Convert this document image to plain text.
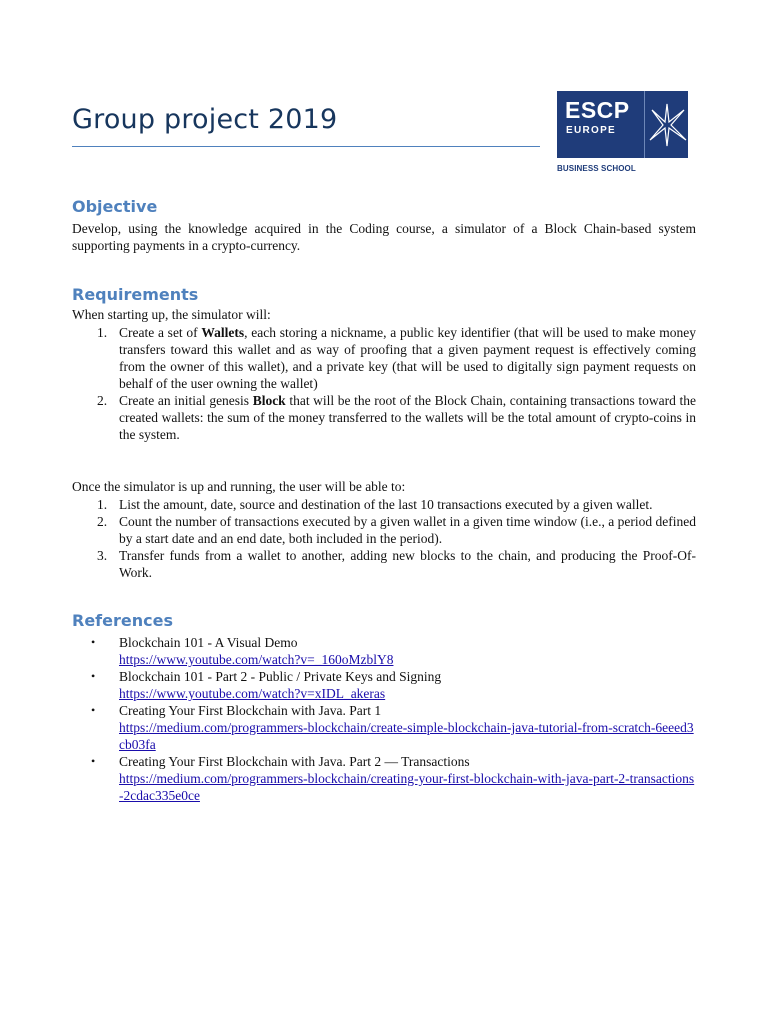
Group project 2019	ESCP
EUROPE
BUSINESS SCHOOL
Objective

Develop, using the knowledge acquired in the Coding course, a simulator of a Block Chain-based system supporting payments in a crypto-currency.

Requirements

When starting up, the simulator will:

1. Create a set of Wallets, each storing a nickname, a public key identifier (that will be used to make money transfers toward this wallet and as way of proofing that a given payment request is effectively coming from the owner of this wallet), and a private key (that will be used to digitally sign payment requests on behalf of the user owning the wallet)
2. Create an initial genesis Block that will be the root of the Block Chain, containing transactions toward the created wallets: the sum of the money transferred to the wallets will be the total amount of crypto-coins in the system.

Once the simulator is up and running, the user will be able to:

1. List the amount, date, source and destination of the last 10 transactions executed by a given wallet.
2. Count the number of transactions executed by a given wallet in a given time window (i.e., a period defined by a start date and an end date, both included in the period).
3. Transfer funds from a wallet to another, adding new blocks to the chain, and producing the Proof-Of-Work.
References
• Blockchain 101 - A Visual Demo
https://www.youtube.com/watch?v=_160oMzblY8
• Blockchain 101 - Part 2 - Public / Private Keys and Signing
https://www.youtube.com/watch?v=xIDL_akeras
• Creating Your First Blockchain with Java. Part 1
https://medium.com/programmers-blockchain/create-simple-blockchain-java-tutorial-from-scratch-6eeed3cb03fa
• Creating Your First Blockchain with Java. Part 2 — Transactions
https://medium.com/programmers-blockchain/creating-your-first-blockchain-with-java-part-2-transactions-2cdac335e0ce
